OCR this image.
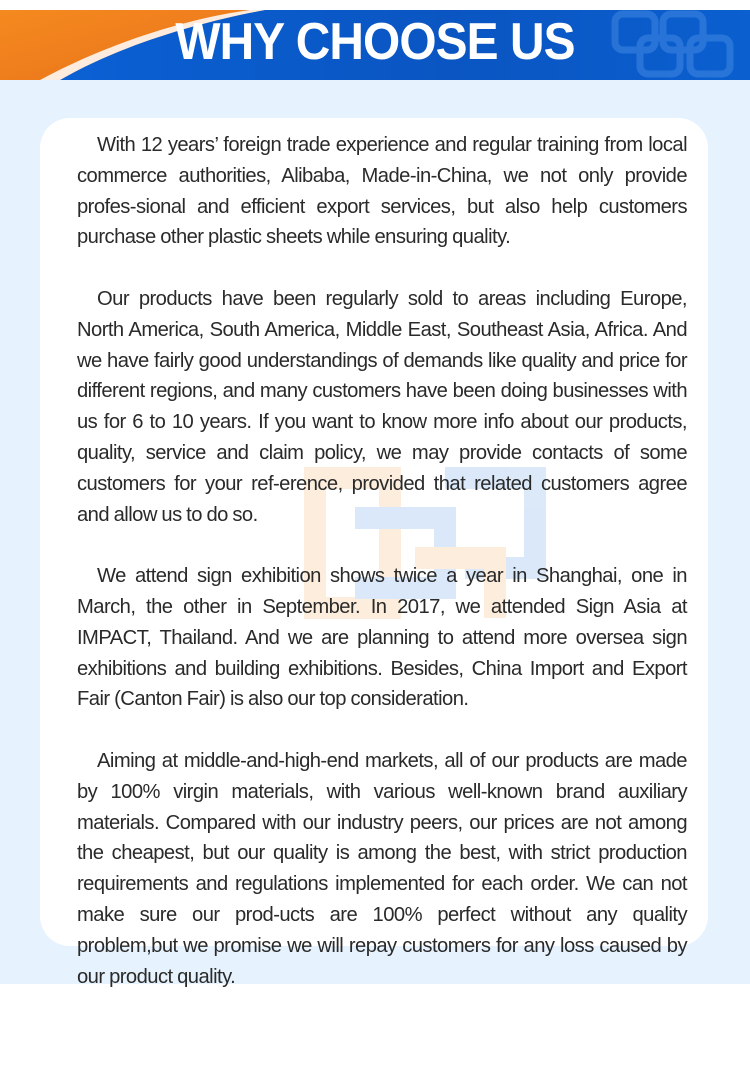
WHY CHOOSE US

With 12 years’ foreign trade experience and regular training from local commerce authorities, Alibaba, Made-in-China, we not only provide profes-sional and efficient export services, but also help customers purchase other plastic sheets while ensuring quality.

Our products have been regularly sold to areas including Europe, North America, South America, Middle East, Southeast Asia, Africa. And we have fairly good understandings of demands like quality and price for different regions, and many customers have been doing businesses with us for 6 to 10 years. If you want to know more info about our products, quality, service and claim policy, we may provide contacts of some customers for your ref-erence, provided that related customers agree and allow us to do so.

We attend sign exhibition shows twice a year in Shanghai, one in March, the other in September. In 2017, we attended Sign Asia at IMPACT, Thailand. And we are planning to attend more oversea sign exhibitions and building exhibitions. Besides, China Import and Export Fair (Canton Fair) is also our top consideration.

Aiming at middle-and-high-end markets, all of our products are made by 100% virgin materials, with various well-known brand auxiliary materials. Compared with our industry peers, our prices are not among the cheapest, but our quality is among the best, with strict production requirements and regulations implemented for each order. We can not make sure our prod-ucts are 100% perfect without any quality problem,but we promise we will repay customers for any loss caused by our product quality.
